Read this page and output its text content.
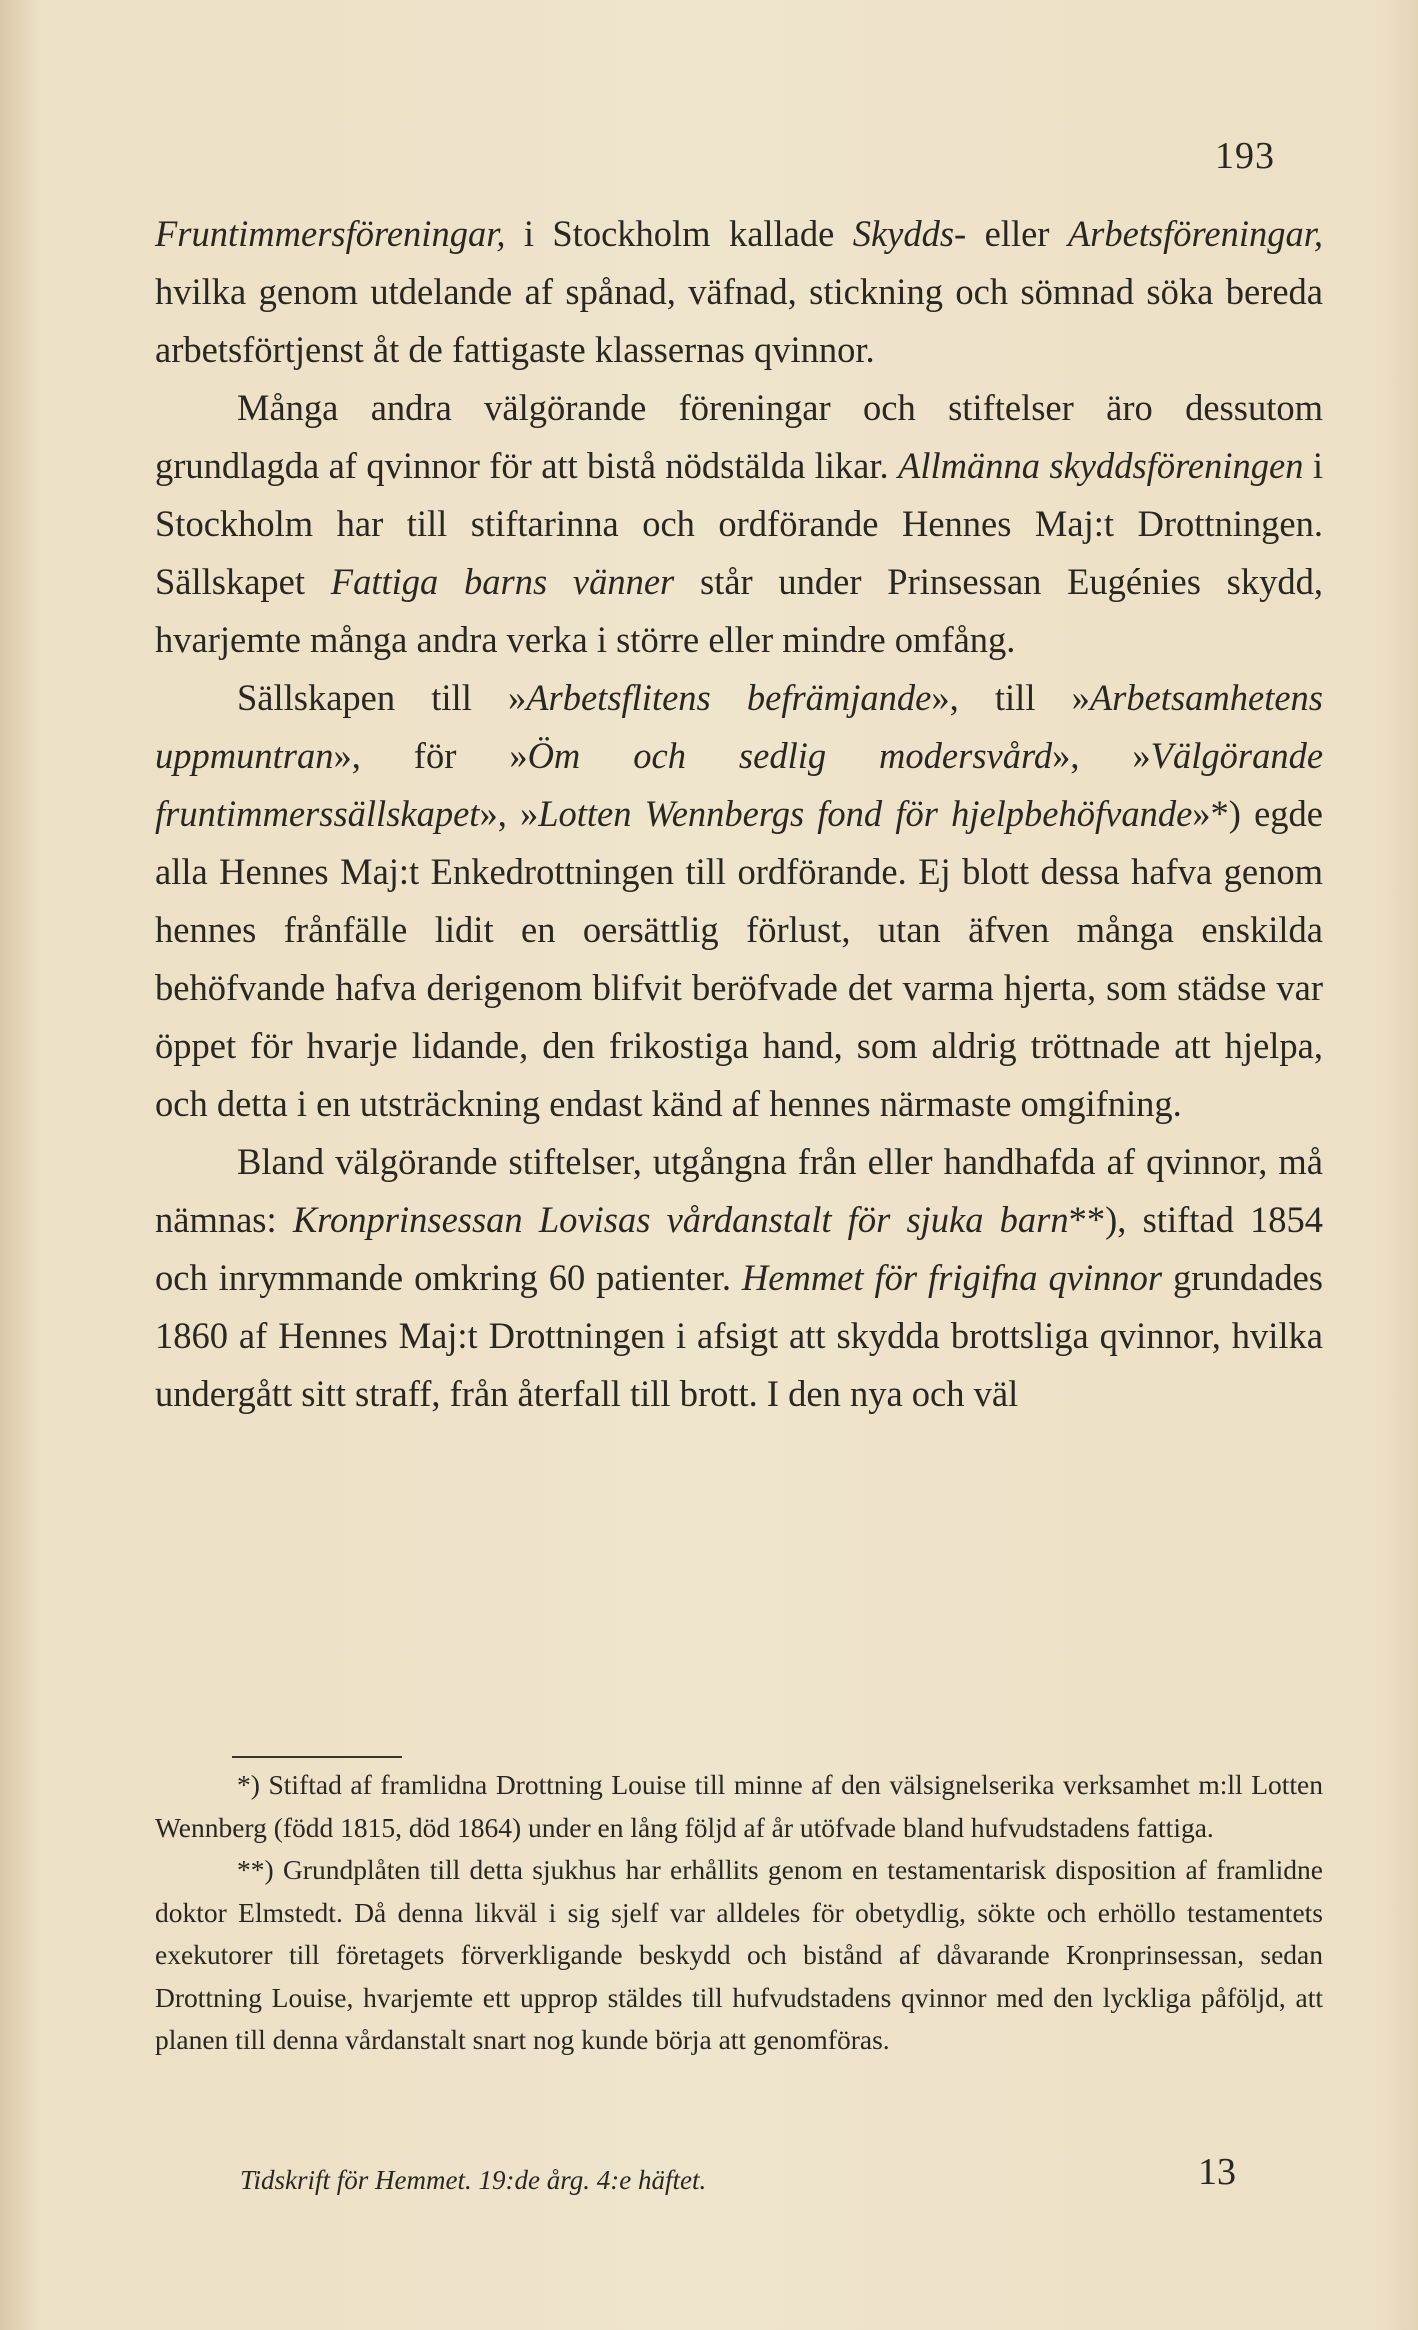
193

Fruntimmersföreningar, i Stockholm kallade Skydds- eller Arbetsföreningar, hvilka genom utdelande af spånad, väfnad, stickning och sömnad söka bereda arbetsförtjenst åt de fattigaste klassernas qvinnor.

Många andra välgörande föreningar och stiftelser äro dessutom grundlagda af qvinnor för att bistå nödstälda likar. Allmänna skyddsföreningen i Stockholm har till stiftarinna och ordförande Hennes Maj:t Drottningen. Sällskapet Fattiga barns vänner står under Prinsessan Eugénies skydd, hvarjemte många andra verka i större eller mindre omfång.

Sällskapen till »Arbetsflitens befrämjande», till »Arbetsamhetens uppmuntran», för »Öm och sedlig modersvård», »Välgörande fruntimmerssällskapet», »Lotten Wennbergs fond för hjelpbehöfvande»*) egde alla Hennes Maj:t Enkedrottningen till ordförande. Ej blott dessa hafva genom hennes frånfälle lidit en oersättlig förlust, utan äfven många enskilda behöfvande hafva derigenom blifvit beröfvade det varma hjerta, som städse var öppet för hvarje lidande, den frikostiga hand, som aldrig tröttnade att hjelpa, och detta i en utsträckning endast känd af hennes närmaste omgifning.

Bland välgörande stiftelser, utgångna från eller handhafda af qvinnor, må nämnas: Kronprinsessan Lovisas vårdanstalt för sjuka barn**), stiftad 1854 och inrymmande omkring 60 patienter. Hemmet för frigifna qvinnor grundades 1860 af Hennes Maj:t Drottningen i afsigt att skydda brottsliga qvinnor, hvilka undergått sitt straff, från återfall till brott. I den nya och väl

*) Stiftad af framlidna Drottning Louise till minne af den välsignelserika verksamhet m:ll Lotten Wennberg (född 1815, död 1864) under en lång följd af år utöfvade bland hufvudstadens fattiga.

**) Grundplåten till detta sjukhus har erhållits genom en testamentarisk disposition af framlidne doktor Elmstedt. Då denna likväl i sig sjelf var alldeles för obetydlig, sökte och erhöllo testamentets exekutorer till företagets förverkligande beskydd och bistånd af dåvarande Kronprinsessan, sedan Drottning Louise, hvarjemte ett upprop stäldes till hufvudstadens qvinnor med den lyckliga påföljd, att planen till denna vårdanstalt snart nog kunde börja att genomföras.

Tidskrift för Hemmet. 19:de årg. 4:e häftet.	13
